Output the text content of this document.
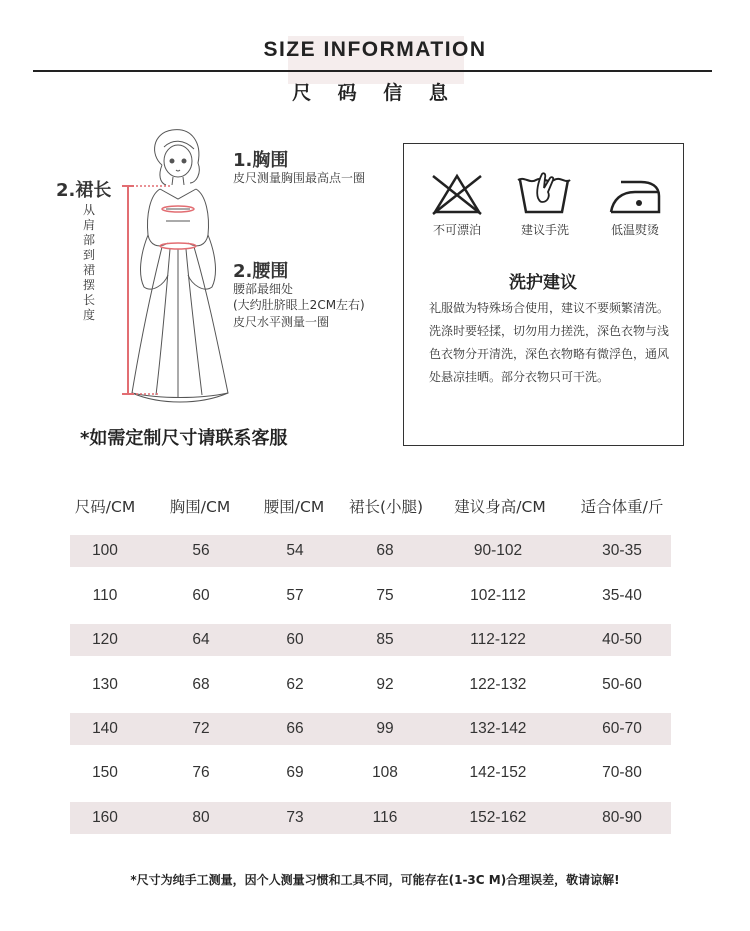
SIZE INFORMATION
尺 码 信 息
1.胸围
皮尺测量胸围最高点一圈
2.腰围
腰部最细处
(大约肚脐眼上2CM左右)
皮尺水平测量一圈
2.裙长
从肩部到裙摆长度
不可漂泊	建议手洗	低温熨烫
洗护建议
礼服做为特殊场合使用，建议不要频繁清洗。洗涤时要轻揉，切勿用力搓洗，深色衣物与浅色衣物分开清洗，深色衣物略有微浮色，通风处悬凉挂晒。部分衣物只可干洗。
*如需定制尺寸请联系客服
尺码/CM	胸围/CM	腰围/CM	裙长(小腿)	建议身高/CM	适合体重/斤
100	56	54	68	90-102	30-35
110	60	57	75	102-112	35-40
120	64	60	85	112-122	40-50
130	68	62	92	122-132	50-60
140	72	66	99	132-142	60-70
150	76	69	108	142-152	70-80
160	80	73	116	152-162	80-90
*尺寸为纯手工测量，因个人测量习惯和工具不同，可能存在(1-3C M)合理误差，敬请谅解!
